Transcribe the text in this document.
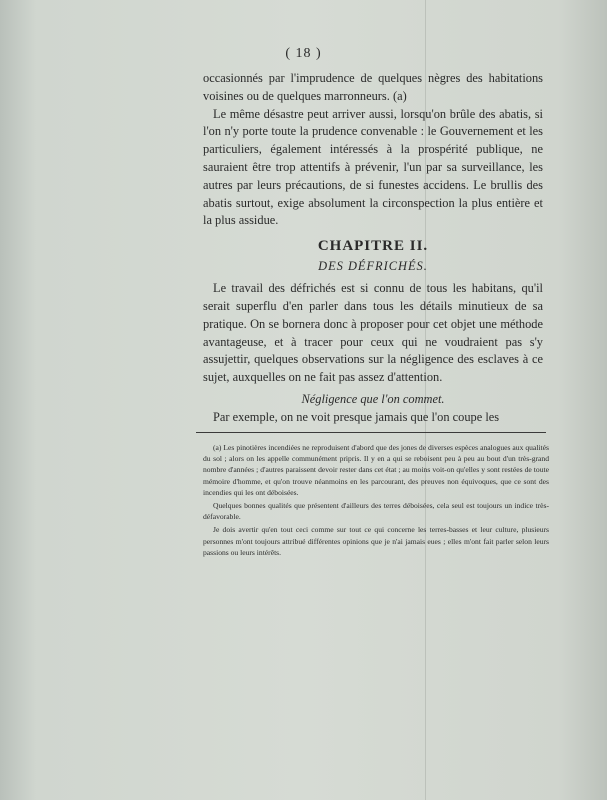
( 18 )

occasionnés par l'imprudence de quelques nègres des habitations voisines ou de quelques marronneurs. (a)

Le même désastre peut arriver aussi, lorsqu'on brûle des abatis, si l'on n'y porte toute la prudence convenable : le Gouvernement et les particuliers, également intéressés à la prospérité publique, ne sauraient être trop attentifs à prévenir, l'un par sa surveillance, les autres par leurs précautions, de si funestes accidens. Le brullis des abatis surtout, exige absolument la circonspection la plus entière et la plus assidue.

CHAPITRE II.
DES DÉFRICHÉS.

Le travail des défrichés est si connu de tous les habitans, qu'il serait superflu d'en parler dans tous les détails minutieux de sa pratique. On se bornera donc à proposer pour cet objet une méthode avantageuse, et à tracer pour ceux qui ne voudraient pas s'y assujettir, quelques observations sur la négligence des esclaves à ce sujet, auxquelles on ne fait pas assez d'attention.

Négligence que l'on commet.

Par exemple, on ne voit presque jamais que l'on coupe les

(a) Les pinotières incendiées ne reproduisent d'abord que des jones de diverses espèces analogues aux qualités du sol ; alors on les appelle communément pripris. Il y en a qui se reboisent peu à peu au bout d'un très-grand nombre d'années ; d'autres paraissent devoir rester dans cet état ; au moins voit-on qu'elles y sont restées de toute mémoire d'homme, et qu'on trouve néanmoins en les parcourant, des preuves non équivoques, que ce sont des incendies qui les ont déboisées.

Quelques bonnes qualités que présentent d'ailleurs des terres déboisées, cela seul est toujours un indice très-défavorable.

Je dois avertir qu'en tout ceci comme sur tout ce qui concerne les terres-basses et leur culture, plusieurs personnes m'ont toujours attribué différentes opinions que je n'ai jamais eues ; elles m'ont fait parler selon leurs passions ou leurs intérêts.
